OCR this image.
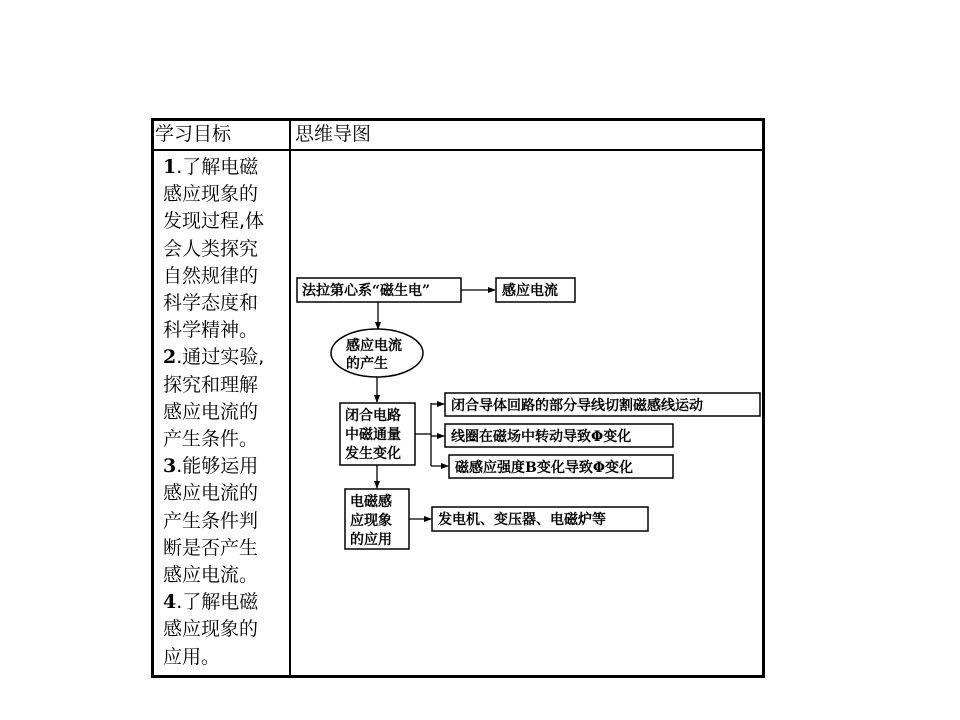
学习目标	思维导图
1.了解电磁
感应现象的
发现过程,体
会人类探究
自然规律的
科学态度和
科学精神。
2.通过实验,
探究和理解
感应电流的
产生条件。
3.能够运用
感应电流的
产生条件判
断是否产生
感应电流。
4.了解电磁
感应现象的
应用。
法拉第心系“磁生电”	感应电流
感应电流
的产生
闭合电路
中磁通量
发生变化
闭合导体回路的部分导线切割磁感线运动
线圈在磁场中转动导致Φ变化
磁感应强度B变化导致Φ变化
电磁感
应现象
的应用
发电机、变压器、电磁炉等
